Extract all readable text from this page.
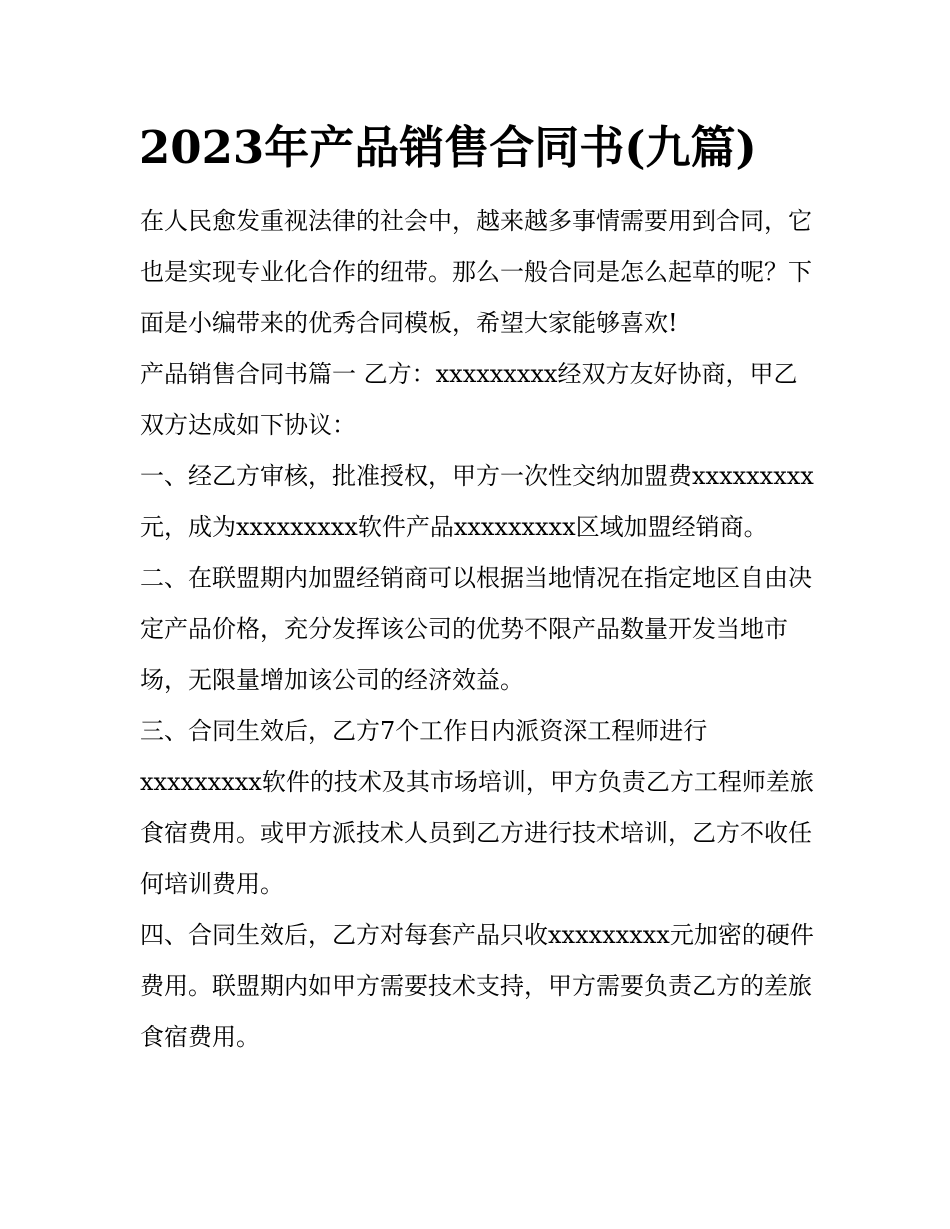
2023年产品销售合同书(九篇)

在人民愈发重视法律的社会中，越来越多事情需要用到合同，它也是实现专业化合作的纽带。那么一般合同是怎么起草的呢？下面是小编带来的优秀合同模板，希望大家能够喜欢!

产品销售合同书篇一 乙方：xxxxxxxxx经双方友好协商，甲乙双方达成如下协议：

一、经乙方审核，批准授权，甲方一次性交纳加盟费xxxxxxxxx元，成为xxxxxxxxx软件产品xxxxxxxxx区域加盟经销商。

二、在联盟期内加盟经销商可以根据当地情况在指定地区自由决定产品价格，充分发挥该公司的优势不限产品数量开发当地市场，无限量增加该公司的经济效益。

三、合同生效后，乙方7个工作日内派资深工程师进行xxxxxxxxx软件的技术及其市场培训，甲方负责乙方工程师差旅食宿费用。或甲方派技术人员到乙方进行技术培训，乙方不收任何培训费用。

四、合同生效后，乙方对每套产品只收xxxxxxxxx元加密的硬件费用。联盟期内如甲方需要技术支持，甲方需要负责乙方的差旅食宿费用。
